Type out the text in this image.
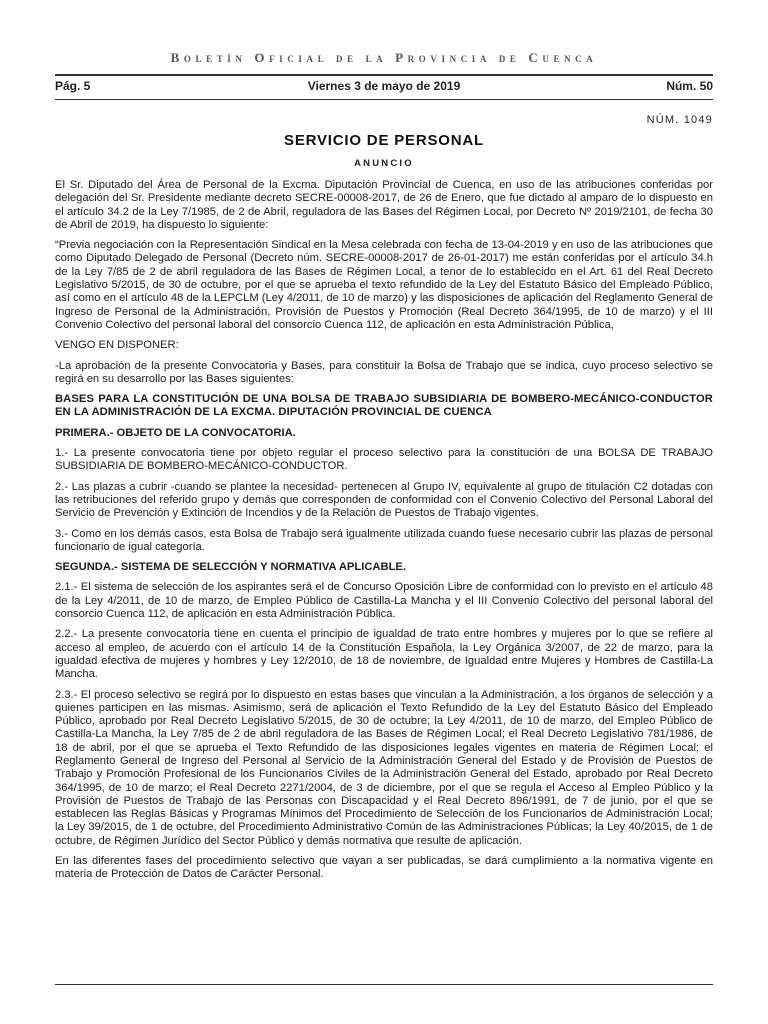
Boletín Oficial de la Provincia de Cuenca
Pág. 5	Viernes 3 de mayo de 2019	Núm. 50
NÚM. 1049
SERVICIO DE PERSONAL
ANUNCIO

El Sr. Diputado del Área de Personal de la Excma. Diputación Provincial de Cuenca, en uso de las atribuciones conferidas por delegación del Sr. Presidente mediante decreto SECRE-00008-2017, de 26 de Enero, que fue dictado al amparo de lo dispuesto en el artículo 34.2 de la Ley 7/1985, de 2 de Abril, reguladora de las Bases del Régimen Local, por Decreto Nº 2019/2101, de fecha 30 de Abril de 2019, ha dispuesto lo siguiente:

“Previa negociación con la Representación Sindical en la Mesa celebrada con fecha de 13-04-2019 y en uso de las atribuciones que como Diputado Delegado de Personal (Decreto núm. SECRE-00008-2017 de 26-01-2017) me están conferidas por el artículo 34.h de la Ley 7/85 de 2 de abril reguladora de las Bases de Régimen Local, a tenor de lo establecido en el Art. 61 del Real Decreto Legislativo 5/2015, de 30 de octubre, por el que se aprueba el texto refundido de la Ley del Estatuto Básico del Empleado Público, así como en el artículo 48 de la LEPCLM (Ley 4/2011, de 10 de marzo) y las disposiciones de aplicación del Reglamento General de Ingreso de Personal de la Administración, Provisión de Puestos y Promoción (Real Decreto 364/1995, de 10 de marzo) y el III Convenio Colectivo del personal laboral del consorcio Cuenca 112, de aplicación en esta Administración Pública,

VENGO EN DISPONER:

-La aprobación de la presente Convocatoria y Bases, para constituir la Bolsa de Trabajo que se indica, cuyo proceso selectivo se regirá en su desarrollo por las Bases siguientes:

BASES PARA LA CONSTITUCIÓN DE UNA BOLSA DE TRABAJO SUBSIDIARIA DE BOMBERO-MECÁNICO-CONDUCTOR EN LA ADMINISTRACIÓN DE LA EXCMA. DIPUTACIÓN PROVINCIAL DE CUENCA

PRIMERA.- OBJETO DE LA CONVOCATORIA.

1.- La presente convocatoria tiene por objeto regular el proceso selectivo para la constitución de una BOLSA DE TRABAJO SUBSIDIARIA DE BOMBERO-MECÁNICO-CONDUCTOR.

2.- Las plazas a cubrir -cuando se plantee la necesidad- pertenecen al Grupo IV, equivalente al grupo de titulación C2 dotadas con las retribuciones del referido grupo y demás que corresponden de conformidad con el Convenio Colectivo del Personal Laboral del Servicio de Prevención y Extinción de Incendios y de la Relación de Puestos de Trabajo vigentes.

3.- Como en los demás casos, esta Bolsa de Trabajo será igualmente utilizada cuando fuese necesario cubrir las plazas de personal funcionario de igual categoría.

SEGUNDA.- SISTEMA DE SELECCIÓN Y NORMATIVA APLICABLE.

2.1.- El sistema de selección de los aspirantes será el de Concurso Oposición Libre de conformidad con lo previsto en el artículo 48 de la Ley 4/2011, de 10 de marzo, de Empleo Público de Castilla-La Mancha y el III Convenio Colectivo del personal laboral del consorcio Cuenca 112, de aplicación en esta Administración Pública.

2.2.- La presente convocatoria tiene en cuenta el principio de igualdad de trato entre hombres y mujeres por lo que se refiere al acceso al empleo, de acuerdo con el artículo 14 de la Constitución Española, la Ley Orgánica 3/2007, de 22 de marzo, para la igualdad efectiva de mujeres y hombres y Ley 12/2010, de 18 de noviembre, de Igualdad entre Mujeres y Hombres de Castilla-La Mancha.

2.3.- El proceso selectivo se regirá por lo dispuesto en estas bases que vinculan a la Administración, a los órganos de selección y a quienes participen en las mismas. Asimismo, será de aplicación el Texto Refundido de la Ley del Estatuto Básico del Empleado Público, aprobado por Real Decreto Legislativo 5/2015, de 30 de octubre; la Ley 4/2011, de 10 de marzo, del Empleo Público de Castilla-La Mancha, la Ley 7/85 de 2 de abril reguladora de las Bases de Régimen Local; el Real Decreto Legislativo 781/1986, de 18 de abril, por el que se aprueba el Texto Refundido de las disposiciones legales vigentes en materia de Régimen Local; el Reglamento General de Ingreso del Personal al Servicio de la Administración General del Estado y de Provisión de Puestos de Trabajo y Promoción Profesional de los Funcionarios Civiles de la Administración General del Estado, aprobado por Real Decreto 364/1995, de 10 de marzo; el Real Decreto 2271/2004, de 3 de diciembre, por el que se regula el Acceso al Empleo Público y la Provisión de Puestos de Trabajo de las Personas con Discapacidad y el Real Decreto 896/1991, de 7 de junio, por el que se establecen las Reglas Básicas y Programas Mínimos del Procedimiento de Selección de los Funcionarios de Administración Local; la Ley 39/2015, de 1 de octubre, del Procedimiento Administrativo Común de las Administraciones Públicas; la Ley 40/2015, de 1 de octubre, de Régimen Jurídico del Sector Público y demás normativa que resulte de aplicación.

En las diferentes fases del procedimiento selectivo que vayan a ser publicadas, se dará cumplimiento a la normativa vigente en materia de Protección de Datos de Carácter Personal.
